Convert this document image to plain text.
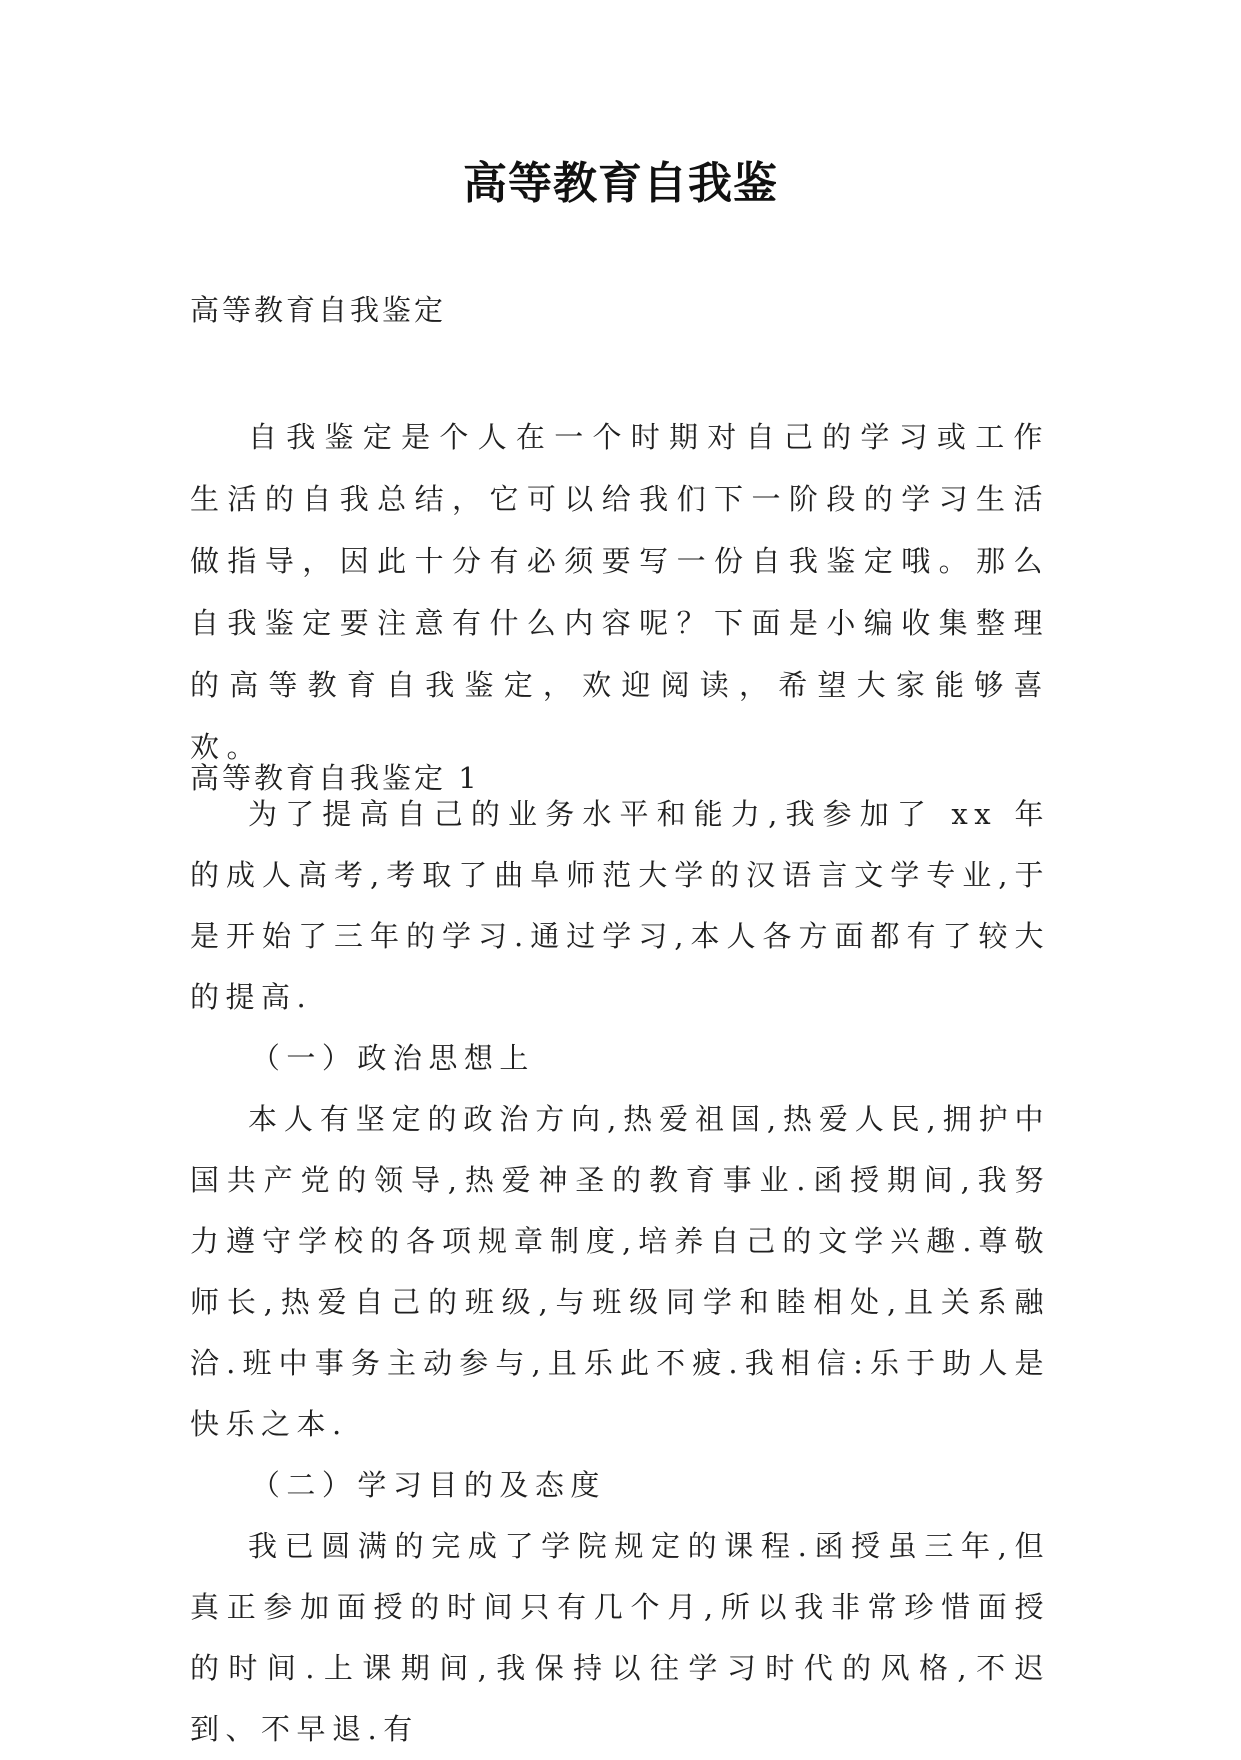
高等教育自我鉴
高等教育自我鉴定

自我鉴定是个人在一个时期对自己的学习或工作生活的自我总结，它可以给我们下一阶段的学习生活做指导，因此十分有必须要写一份自我鉴定哦。那么自我鉴定要注意有什么内容呢？下面是小编收集整理的高等教育自我鉴定，欢迎阅读，希望大家能够喜欢。

高等教育自我鉴定 1

为了提高自己的业务水平和能力,我参加了 xx 年的成人高考,考取了曲阜师范大学的汉语言文学专业,于是开始了三年的学习.通过学习,本人各方面都有了较大的提高.

（一）政治思想上

本人有坚定的政治方向,热爱祖国,热爱人民,拥护中国共产党的领导,热爱神圣的教育事业.函授期间,我努力遵守学校的各项规章制度,培养自己的文学兴趣.尊敬师长,热爱自己的班级,与班级同学和睦相处,且关系融洽.班中事务主动参与,且乐此不疲.我相信:乐于助人是快乐之本.

（二）学习目的及态度

我已圆满的完成了学院规定的课程.函授虽三年,但真正参加面授的时间只有几个月,所以我非常珍惜面授的时间.上课期间,我保持以往学习时代的风格,不迟到、不早退.有
